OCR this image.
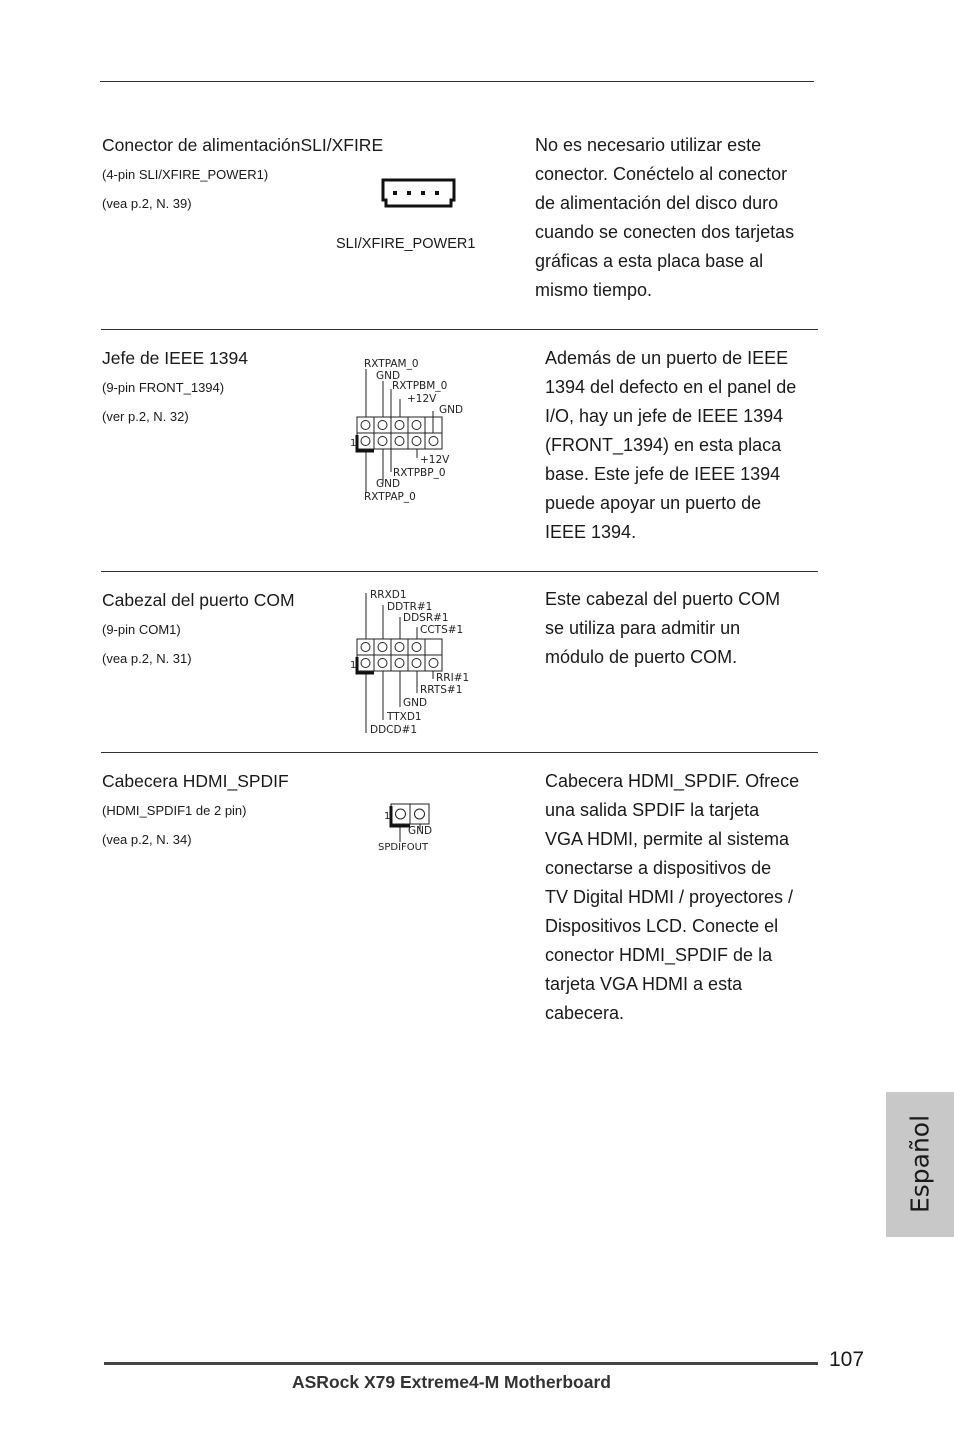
Conector de alimentaciónSLI/XFIRE
(4-pin SLI/XFIRE_POWER1)
(vea p.2, N. 39)
SLI/XFIRE_POWER1
No es necesario utilizar este
conector. Conéctelo al conector
de alimentación del disco duro
cuando se conecten dos tarjetas
gráficas a esta placa base al
mismo tiempo.
Jefe de IEEE 1394
(9-pin FRONT_1394)
(ver p.2, N. 32)
RXTPAM_0
GND
RXTPBM_0
+12V
GND
+12V
RXTPBP_0
GND
RXTPAP_0
1
Además de un puerto de IEEE
1394 del defecto en el panel de
I/O, hay un jefe de IEEE 1394
(FRONT_1394) en esta placa
base. Este jefe de IEEE 1394
puede apoyar un puerto de
IEEE 1394.
Cabezal del puerto COM
(9-pin COM1)
(vea p.2, N. 31)
RRXD1
DDTR#1
DDSR#1
CCTS#1
RRI#1
RRTS#1
GND
TTXD1
DDCD#1
1
Este cabezal del puerto COM
se utiliza para admitir un
módulo de puerto COM.
Cabecera HDMI_SPDIF
(HDMI_SPDIF1 de 2 pin)
(vea p.2, N. 34)
1
GND
SPDIFOUT
Cabecera HDMI_SPDIF. Ofrece
una salida SPDIF la tarjeta
VGA HDMI, permite al sistema
conectarse a dispositivos de
TV Digital HDMI / proyectores /
Dispositivos LCD. Conecte el
conector HDMI_SPDIF de la
tarjeta VGA HDMI a esta
cabecera.
Español
107
ASRock X79 Extreme4-M Motherboard
